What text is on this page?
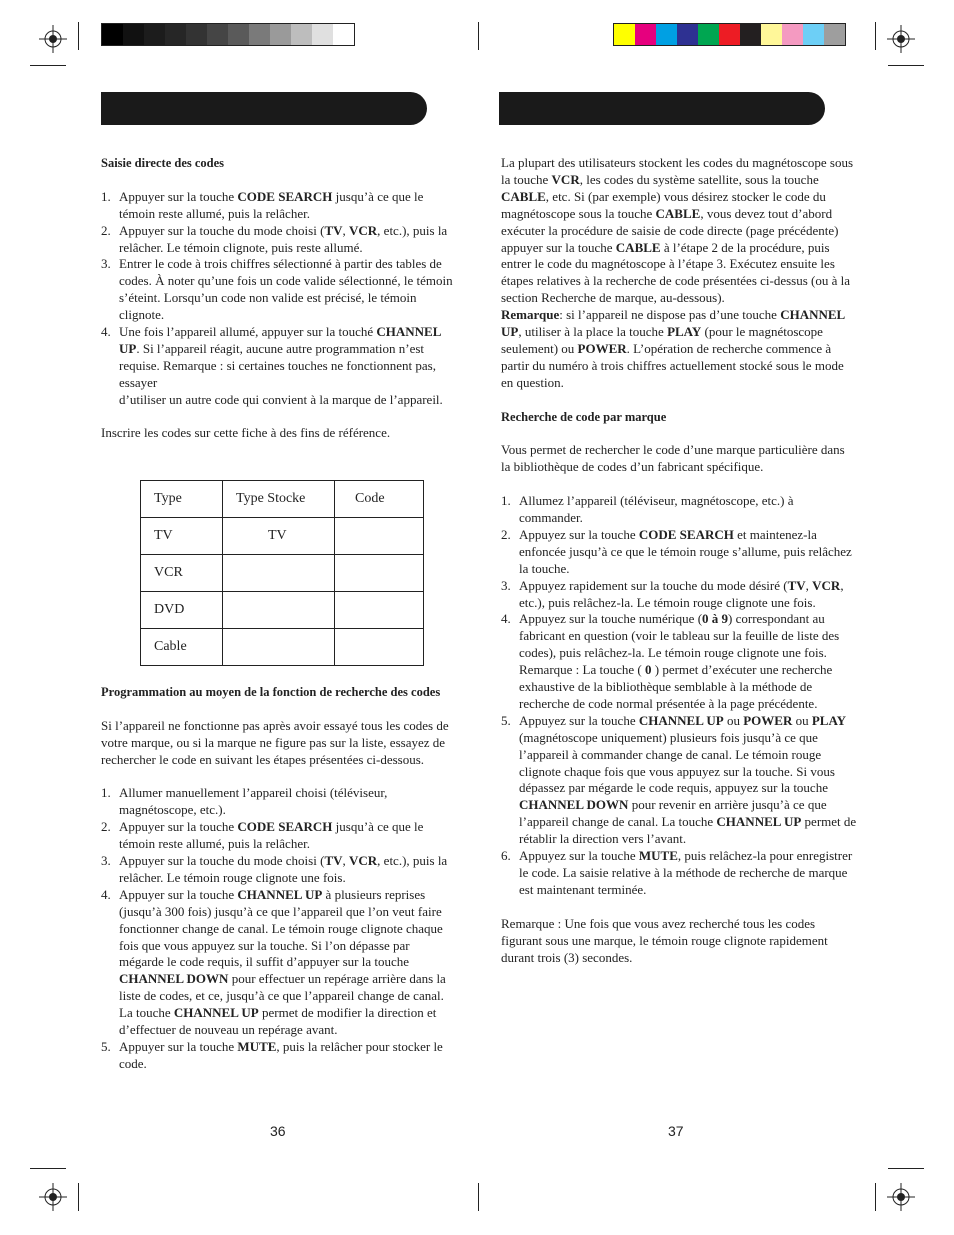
Saisie directe des codes

1. Appuyer sur la touche CODE SEARCH jusqu’à ce que le témoin reste allumé, puis la relâcher.
2. Appuyer sur la touche du mode choisi (TV, VCR, etc.), puis la relâcher. Le témoin clignote, puis reste allumé.
3. Entrer le code à trois chiffres sélectionné à partir des tables de codes. À noter qu’une fois un code valide sélectionné, le témoin s’éteint. Lorsqu’un code non valide est précisé, le témoin clignote.
4. Une fois l’appareil allumé, appuyer sur la touché CHANNEL UP. Si l’appareil réagit, aucune autre programmation n’est requise. Remarque : si certaines touches ne fonctionnent pas, essayer
d’utiliser un autre code qui convient à la marque de l’appareil.

Inscrire les codes sur cette fiche à des fins de référence.

Type	Type Stocke	Code
TV	TV	
VCR		
DVD		
Cable		

Programmation au moyen de la fonction de recherche des codes

Si l’appareil ne fonctionne pas après avoir essayé tous les codes de votre marque, ou si la marque ne figure pas sur la liste, essayez de rechercher le code en suivant les étapes présentées ci-dessous.

1. Allumer manuellement l’appareil choisi (téléviseur, magnétoscope, etc.).
2. Appuyer sur la touche CODE SEARCH jusqu’à ce que le témoin reste allumé, puis la relâcher.
3. Appuyer sur la touche du mode choisi (TV, VCR, etc.), puis la relâcher. Le témoin rouge clignote une fois.
4. Appuyer sur la touche CHANNEL UP à plusieurs reprises (jusqu’à 300 fois) jusqu’à ce que l’appareil que l’on veut faire fonctionner change de canal. Le témoin rouge clignote chaque fois que vous appuyez sur la touche. Si l’on dépasse par mégarde le code requis, il suffit d’appuyer sur la touche CHANNEL DOWN pour effectuer un repérage arrière dans la liste de codes, et ce, jusqu’à ce que l’appareil change de canal. La touche CHANNEL UP permet de modifier la direction et d’effectuer de nouveau un repérage avant.
5. Appuyer sur la touche MUTE, puis la relâcher pour stocker le code.
36

La plupart des utilisateurs stockent les codes du magnétoscope sous la touche VCR, les codes du système satellite, sous la touche CABLE, etc. Si (par exemple) vous désirez stocker le code du magnétoscope sous la touche CABLE, vous devez tout d’abord exécuter la procédure de saisie de code directe (page précédente) appuyer sur la touche CABLE à l’étape 2 de la procédure, puis entrer le code du magnétoscope à l’étape 3. Exécutez ensuite les étapes relatives à la recherche de code présentées ci-dessus (ou à la section Recherche de marque, au-dessous).
Remarque: si l’appareil ne dispose pas d’une touche CHANNEL UP, utiliser à la place la touche PLAY (pour le magnétoscope seulement) ou POWER. L’opération de recherche commence à partir du numéro à trois chiffres actuellement stocké sous le mode en question.

Recherche de code par marque

Vous permet de rechercher le code d’une marque particulière dans la bibliothèque de codes d’un fabricant spécifique.

1. Allumez l’appareil (téléviseur, magnétoscope, etc.) à commander.
2. Appuyez sur la touche CODE SEARCH et maintenez-la enfoncée jusqu’à ce que le témoin rouge s’allume, puis relâchez la touche.
3. Appuyez rapidement sur la touche du mode désiré (TV, VCR, etc.), puis relâchez-la. Le témoin rouge clignote une fois.
4. Appuyez sur la touche numérique (0 à 9) correspondant au fabricant en question (voir le tableau sur la feuille de liste des codes), puis relâchez-la. Le témoin rouge clignote une fois. Remarque : La touche ( 0 ) permet d’exécuter une recherche exhaustive de la bibliothèque semblable à la méthode de recherche de code normal présentée à la page précédente.
5. Appuyez sur la touche CHANNEL UP ou POWER ou PLAY (magnétoscope uniquement) plusieurs fois jusqu’à ce que l’appareil à commander change de canal. Le témoin rouge clignote chaque fois que vous appuyez sur la touche. Si vous dépassez par mégarde le code requis, appuyez sur la touche CHANNEL DOWN pour revenir en arrière jusqu’à ce que l’appareil change de canal. La touche CHANNEL UP permet de rétablir la direction vers l’avant.
6. Appuyez sur la touche MUTE, puis relâchez-la pour enregistrer le code. La saisie relative à la méthode de recherche de marque est maintenant terminée.

Remarque : Une fois que vous avez recherché tous les codes figurant sous une marque, le témoin rouge clignote rapidement durant trois (3) secondes.

37
